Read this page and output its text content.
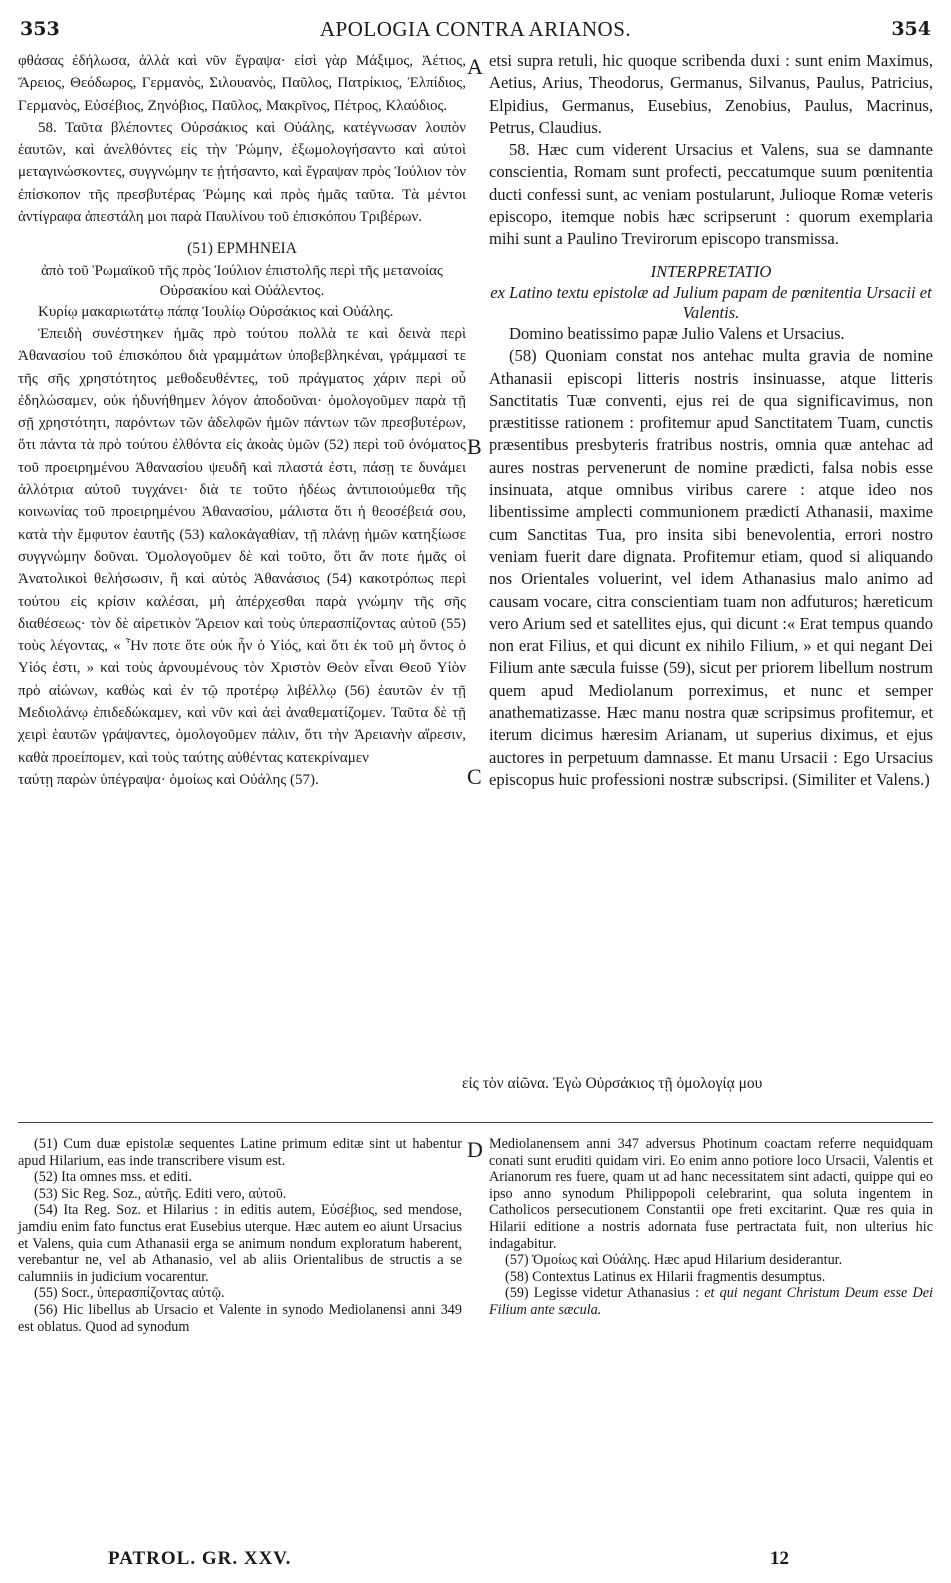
353	APOLOGIA CONTRA ARIANOS.	354

φθάσας ἐδήλωσα, ἀλλὰ καὶ νῦν ἔγραψα· εἰσὶ γὰρ Μάξιμος, Ἀέτιος, Ἄρειος, Θεόδωρος, Γερμανὸς, Σιλουανὸς, Παῦλος, Πατρίκιος, Ἐλπίδιος, Γερμανὸς, Εὐσέβιος, Ζηνόβιος, Παῦλος, Μακρῖνος, Πέτρος, Κλαύδιος.

58. Ταῦτα βλέποντες Οὐρσάκιος καὶ Οὐάλης, κατέγνωσαν λοιπὸν ἑαυτῶν, καὶ ἀνελθόντες εἰς τὴν Ῥώμην, ἐξωμολογήσαντο καὶ αὐτοὶ μεταγινώσκοντες, συγγνώμην τε ᾐτήσαντο, καὶ ἔγραψαν πρὸς Ἰούλιον τὸν ἐπίσκοπον τῆς πρεσβυτέρας Ῥώμης καὶ πρὸς ἡμᾶς ταῦτα. Τὰ μέντοι ἀντίγραφα ἀπεστάλη μοι παρὰ Παυλίνου τοῦ ἐπισκόπου Τριβέρων.

(51) ΕΡΜΗΝΕΙΑ

ἀπὸ τοῦ Ῥωμαϊκοῦ τῆς πρὸς Ἰούλιον ἐπιστολῆς περὶ τῆς μετανοίας Οὐρσακίου καὶ Οὐάλεντος.

Κυρίῳ μακαριωτάτῳ πάπᾳ Ἰουλίῳ Οὐρσάκιος καὶ Οὐάλης.

Ἐπειδὴ συνέστηκεν ἡμᾶς πρὸ τούτου πολλὰ τε καὶ δεινὰ περὶ Ἀθανασίου τοῦ ἐπισκόπου διὰ γραμμάτων ὑποβεβληκέναι, γράμμασί τε τῆς σῆς χρηστότητος μεθοδευθέντες, τοῦ πράγματος χάριν περὶ οὗ ἐδηλώσαμεν, οὐκ ἠδυνήθημεν λόγον ἀποδοῦναι· ὁμολογοῦμεν παρὰ τῇ σῇ χρηστότητι, παρόντων τῶν ἀδελφῶν ἡμῶν πάντων τῶν πρεσβυτέρων, ὅτι πάντα τὰ πρὸ τούτου ἐλθόντα εἰς ἀκοὰς ὑμῶν (52) περὶ τοῦ ὀνόματος τοῦ προειρημένου Ἀθανασίου ψευδῆ καὶ πλαστά ἐστι, πάσῃ τε δυνάμει ἀλλότρια αὐτοῦ τυγχάνει· διὰ τε τοῦτο ἡδέως ἀντιποιούμεθα τῆς κοινωνίας τοῦ προειρημένου Ἀθανασίου, μάλιστα ὅτι ἡ θεοσέβειά σου, κατὰ τὴν ἔμφυτον ἑαυτῆς (53) καλοκἀγαθίαν, τῇ πλάνῃ ἡμῶν κατηξίωσε συγγνώμην δοῦναι. Ὁμολογοῦμεν δὲ καὶ τοῦτο, ὅτι ἄν ποτε ἡμᾶς οἱ Ἀνατολικοὶ θελήσωσιν, ἢ καὶ αὐτὸς Ἀθανάσιος (54) κακοτρόπως περὶ τούτου εἰς κρίσιν καλέσαι, μὴ ἀπέρχεσθαι παρὰ γνώμην τῆς σῆς διαθέσεως· τὸν δὲ αἱρετικὸν Ἄρειον καὶ τοὺς ὑπερασπίζοντας αὐτοῦ (55) τοὺς λέγοντας, « Ἦν ποτε ὅτε οὐκ ἦν ὁ Υἱός, καὶ ὅτι ἐκ τοῦ μὴ ὄντος ὁ Υἱός ἐστι, » καὶ τοὺς ἀρνουμένους τὸν Χριστὸν Θεὸν εἶναι Θεοῦ Υἱὸν πρὸ αἰώνων, καθὼς καὶ ἐν τῷ προτέρῳ λιβέλλῳ (56) ἑαυτῶν ἐν τῇ Μεδιολάνῳ ἐπιδεδώκαμεν, καὶ νῦν καὶ ἀεὶ ἀναθεματίζομεν. Ταῦτα δὲ τῇ χειρὶ ἑαυτῶν γράψαντες, ὁμολογοῦμεν πάλιν, ὅτι τὴν Ἀρειανὴν αἵρεσιν, καθὰ προείπομεν, καὶ τοὺς ταύτης αὐθέντας κατεκρίναμεν

ταύτῃ παρὼν ὑπέγραψα· ὁμοίως καὶ Οὐάλης (57).

etsi supra retuli, hic quoque scribenda duxi : sunt enim Maximus, Aetius, Arius, Theodorus, Germanus, Silvanus, Paulus, Patricius, Elpidius, Germanus, Eusebius, Zenobius, Paulus, Macrinus, Petrus, Claudius.

58. Hæc cum viderent Ursacius et Valens, sua se damnante conscientia, Romam sunt profecti, peccatumque suum pœnitentia ducti confessi sunt, ac veniam postularunt, Julioque Romæ veteris episcopo, itemque nobis hæc scripserunt : quorum exemplaria mihi sunt a Paulino Trevirorum episcopo transmissa.

INTERPRETATIO

ex Latino textu epistolæ ad Julium papam de pœnitentia Ursacii et Valentis.

Domino beatissimo papæ Julio Valens et Ursacius.

(58) Quoniam constat nos antehac multa gravia de nomine Athanasii episcopi litteris nostris insinuasse, atque litteris Sanctitatis Tuæ conventi, ejus rei de qua significavimus, non præstitisse rationem : profitemur apud Sanctitatem Tuam, cunctis præsentibus presbyteris fratribus nostris, omnia quæ antehac ad aures nostras pervenerunt de nomine prædicti, falsa nobis esse insinuata, atque omnibus viribus carere : atque ideo nos libentissime amplecti communionem prædicti Athanasii, maxime cum Sanctitas Tua, pro insita sibi benevolentia, errori nostro veniam fuerit dare dignata. Profitemur etiam, quod si aliquando nos Orientales voluerint, vel idem Athanasius malo animo ad causam vocare, citra conscientiam tuam non adfuturos; hæreticum vero Arium sed et satellites ejus, qui dicunt :« Erat tempus quando non erat Filius, et qui dicunt ex nihilo Filium, » et qui negant Dei Filium ante sæcula fuisse (59), sicut per priorem libellum nostrum quem apud Mediolanum porreximus, et nunc et semper anathematizasse. Hæc manu nostra quæ scripsimus profitemur, et iterum dicimus hæresim Arianam, ut superius diximus, et ejus auctores in perpetuum damnasse. Et manu Ursacii : Ego Ursacius episcopus huic professioni nostræ subscripsi. (Similiter et Valens.)

εἰς τὸν αἰῶνα. Ἐγὼ Οὐρσάκιος τῇ ὁμολογίᾳ μου
A
B
C
D

(51) Cum duæ epistolæ sequentes Latine primum editæ sint ut habentur apud Hilarium, eas inde transcribere visum est.

(52) Ita omnes mss. et editi.

(53) Sic Reg. Soz., αὐτῆς. Editi vero, αὐτοῦ.

(54) Ita Reg. Soz. et Hilarius : in editis autem, Εὐσέβιος, sed mendose, jamdiu enim fato functus erat Eusebius uterque. Hæc autem eo aiunt Ursacius et Valens, quia cum Athanasii erga se animum nondum exploratum haberent, verebantur ne, vel ab Athanasio, vel ab aliis Orientalibus de structis a se calumniis in judicium vocarentur.

(55) Socr., ὑπερασπίζοντας αὐτῷ.

(56) Hic libellus ab Ursacio et Valente in synodo Mediolanensi anni 349 est oblatus. Quod ad synodum

Mediolanensem anni 347 adversus Photinum coactam referre nequidquam conati sunt eruditi quidam viri. Eo enim anno potiore loco Ursacii, Valentis et Arianorum res fuere, quam ut ad hanc necessitatem sint adacti, quippe qui eo ipso anno synodum Philippopoli celebrarint, qua soluta ingentem in Catholicos persecutionem Constantii ope freti excitarint. Quæ res quia in Hilarii editione a nostris adornata fuse pertractata fuit, non ulterius hic indagabitur.

(57) Ὁμοίως καὶ Οὐάλης. Hæc apud Hilarium desiderantur.

(58) Contextus Latinus ex Hilarii fragmentis desumptus.

(59) Legisse videtur Athanasius : et qui negant Christum Deum esse Dei Filium ante sæcula.

PATROL. GR. XXV.	12
